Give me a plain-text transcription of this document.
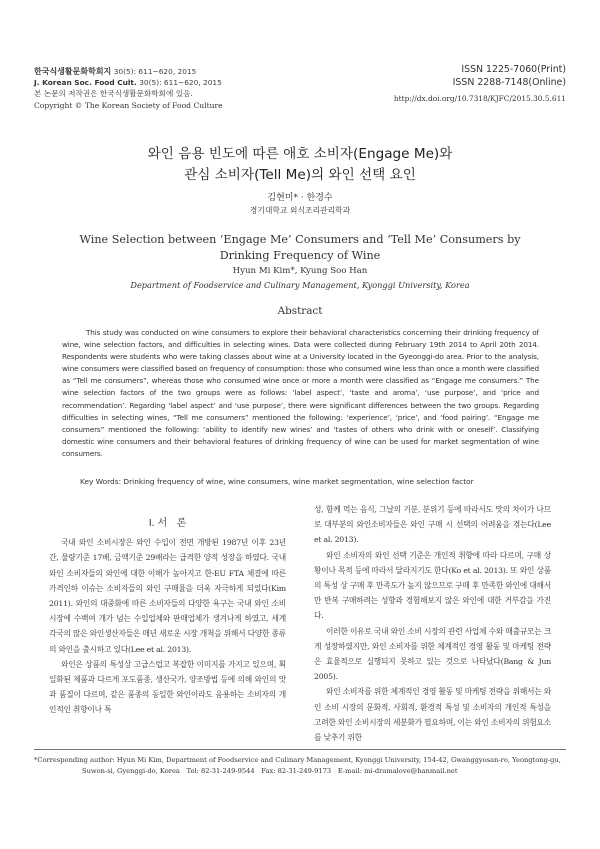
한국식생활문화학회지 30(5): 611~620, 2015
J. Korean Soc. Food Cult. 30(5): 611~620, 2015
본 논문의 저작권은 한국식생활문화학회에 있음.
Copyright © The Korean Society of Food Culture
ISSN 1225-7060(Print)
ISSN 2288-7148(Online)
http://dx.doi.org/10.7318/KJFC/2015.30.5.611
와인 음용 빈도에 따른 애호 소비자(Engage Me)와
관심 소비자(Tell Me)의 와인 선택 요인
김현미* · 한경수
경기대학교 외식조리관리학과
Wine Selection between ‘Engage Me’ Consumers and ‘Tell Me’ Consumers by
Drinking Frequency of Wine
Hyun Mi Kim*, Kyung Soo Han
Department of Foodservice and Culinary Management, Kyonggi University, Korea
Abstract
This study was conducted on wine consumers to explore their behavioral characteristics concerning their drinking frequency of wine, wine selection factors, and difficulties in selecting wines. Data were collected during February 19th 2014 to April 20th 2014. Respondents were students who were taking classes about wine at a University located in the Gyeonggi-do area. Prior to the analysis, wine consumers were classified based on frequency of consumption: those who consumed wine less than once a month were classified as “Tell me consumers”, whereas those who consumed wine once or more a month were classified as “Engage me consumers.” The wine selection factors of the two groups were as follows: ‘label aspect’, ‘taste and aroma’, ‘use purpose’, and ‘price and recommendation’. Regarding ‘label aspect’ and ‘use purpose’, there were significant differences between the two groups. Regarding difficulties in selecting wines, “Tell me consumers” mentioned the following: ‘experience’, ‘price’, and ‘food pairing’. “Engage me consumers” mentioned the following: ‘ability to identify new wines’ and ‘tastes of others who drink with or oneself’. Classifying domestic wine consumers and their behavioral features of drinking frequency of wine can be used for market segmentation of wine consumers.
Key Words: Drinking frequency of wine, wine consumers, wine market segmentation, wine selection factor
Ⅰ. 서　론

국내 와인 소비시장은 와인 수입이 전면 개방된 1987년 이후 23년 간, 물량기준 17배, 금액기준 29배라는 급격한 양적 성장을 하였다. 국내 와인 소비자들의 와인에 대한 이해가 높아지고 한-EU FTA 체결에 따른 가격인하 이슈는 소비자들의 와인 구매율을 더욱 자극하게 되었다(Kim 2011). 와인의 대중화에 따른 소비자들의 다양한 욕구는 국내 와인 소비시장에 수백여 개가 넘는 수입업체와 판매업체가 생겨나게 하였고, 세계 각국의 많은 와인생산자들은 매년 새로운 시장 개척을 위해서 다양한 종류의 와인을 출시하고 있다(Lee et al. 2013).

와인은 상품의 특성상 고급스럽고 복잡한 이미지를 가지고 있으며, 획일화된 제품과 다르게 포도품종, 생산국가, 양조방법 등에 의해 와인의 맛과 품질이 다르며, 같은 품종의 동일한 와인이라도 음용하는 소비자의 개인적인 취향이나 특

성, 함께 먹는 음식, 그날의 기분, 분위기 등에 따라서도 맛의 차이가 나므로 대부분의 와인소비자들은 와인 구매 시 선택의 어려움을 겪는다(Lee et al. 2013).

와인 소비자의 와인 선택 기준은 개인적 취향에 따라 다르며, 구매 상황이나 목적 등에 따라서 달라지기도 한다(Ko et al. 2013). 또 와인 상품의 특성 상 구매 후 만족도가 높지 않으므로 구매 후 만족한 와인에 대해서만 반복 구매하려는 성향과 경험해보지 않은 와인에 대한 거부감을 가진다.

이러한 이유로 국내 와인 소비 시장의 관련 사업체 수와 매출규모는 크게 성장하였지만, 와인 소비자를 위한 체계적인 경영 활동 및 마케팅 전략은 효율적으로 실행되지 못하고 있는 것으로 나타났다(Bang & Jun 2005).

와인 소비자를 위한 체계적인 경영 활동 및 마케팅 전략을 위해서는 와인 소비 시장의 문화적, 사회적, 환경적 특성 및 소비자의 개인적 특성을 고려한 와인 소비시장의 세분화가 필요하며, 이는 와인 소비자의 위험요소를 낮추기 위한

*Corresponding author: Hyun Mi Kim, Department of Foodservice and Culinary Management, Kyonggi University, 154-42, Gwanggyosan-ro, Yeongtong-gu,
Suwon-si, Gyenggi-do, Korea　Tel: 82-31-249-9544　Fax: 82-31-249-9173　E-mail: mi-dramalove@hanmail.net
